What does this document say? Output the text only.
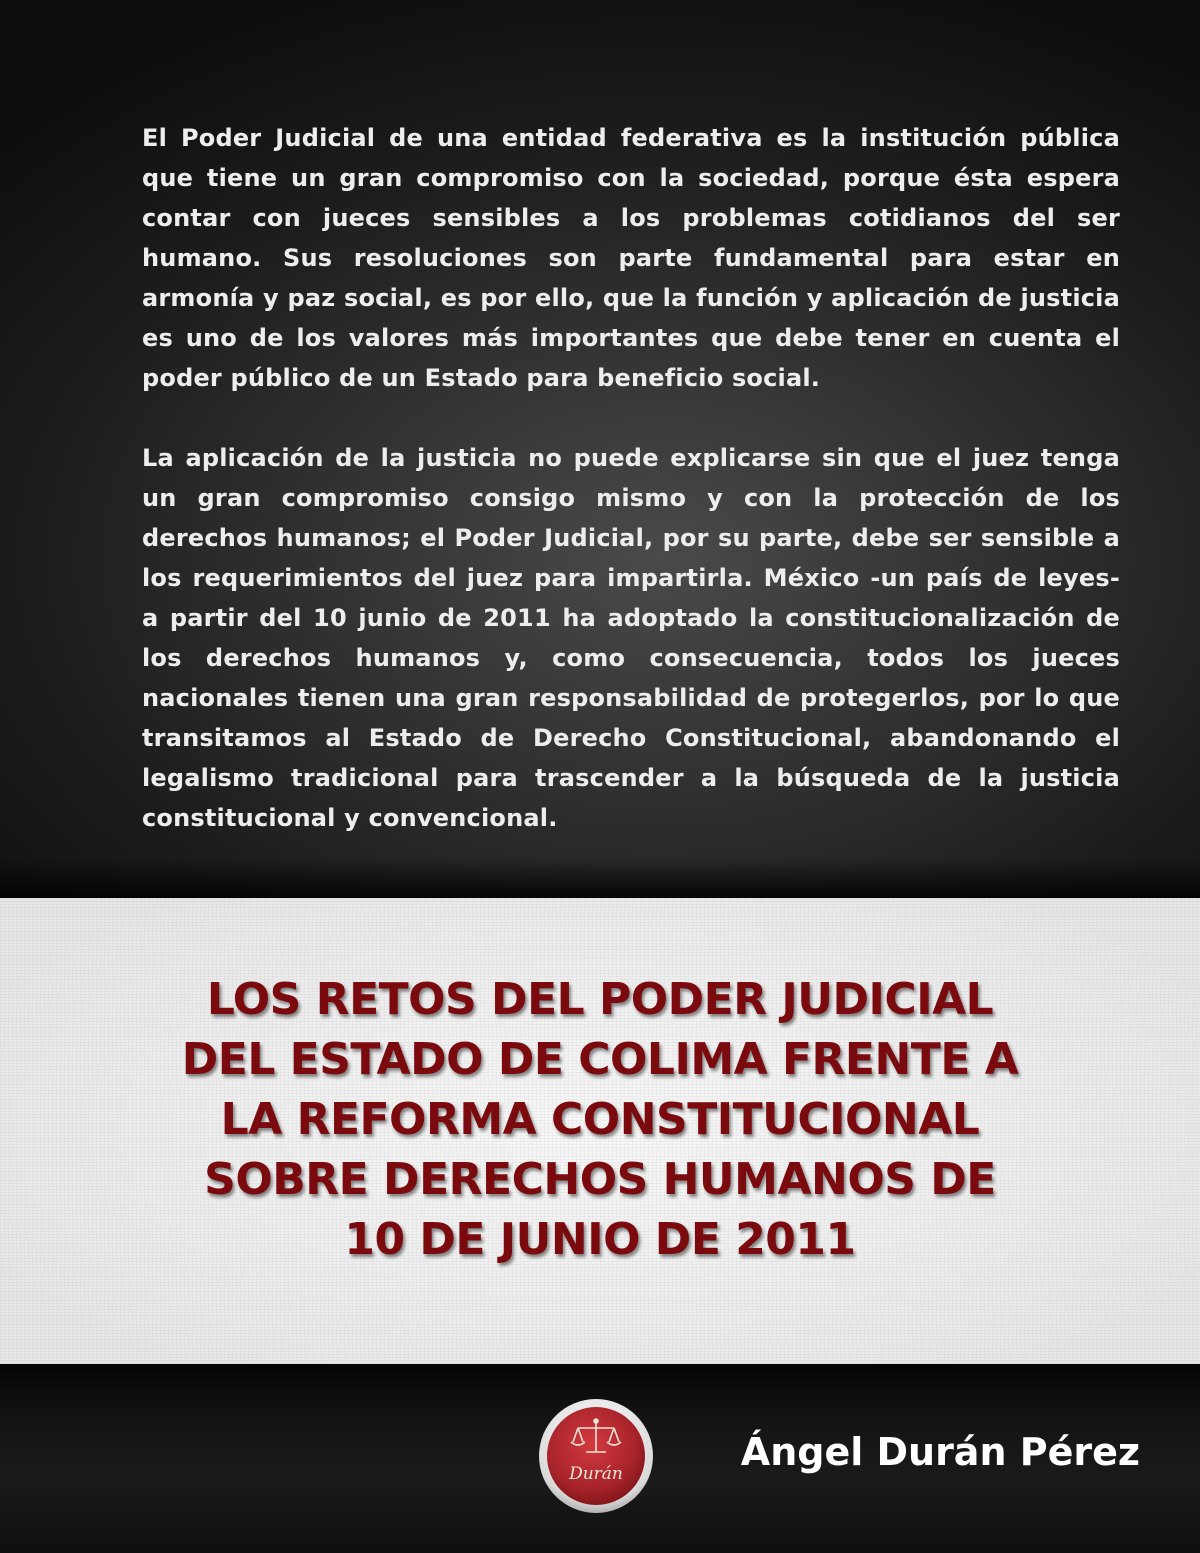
El Poder Judicial de una entidad federativa es la institución pública que tiene un gran compromiso con la sociedad, porque ésta espera contar con jueces sensibles a los problemas cotidianos del ser humano. Sus resoluciones son parte fundamental para estar en armonía y paz social, es por ello, que la función y aplicación de justicia es uno de los valores más importantes que debe tener en cuenta el poder público de un Estado para beneficio social.

La aplicación de la justicia no puede explicarse sin que el juez tenga un gran compromiso consigo mismo y con la protección de los derechos humanos; el Poder Judicial, por su parte, debe ser sensible a los requerimientos del juez para impartirla. México -un país de leyes- a partir del 10 junio de 2011 ha adoptado la constitucionalización de los derechos humanos y, como consecuencia, todos los jueces nacionales tienen una gran responsabilidad de protegerlos, por lo que transitamos al Estado de Derecho Constitucional, abandonando el legalismo tradicional para trascender a la búsqueda de la justicia constitucional y convencional.

LOS RETOS DEL PODER JUDICIAL
DEL ESTADO DE COLIMA FRENTE A
LA REFORMA CONSTITUCIONAL
SOBRE DERECHOS HUMANOS DE
10 DE JUNIO DE 2011
Durán	Ángel Durán Pérez
